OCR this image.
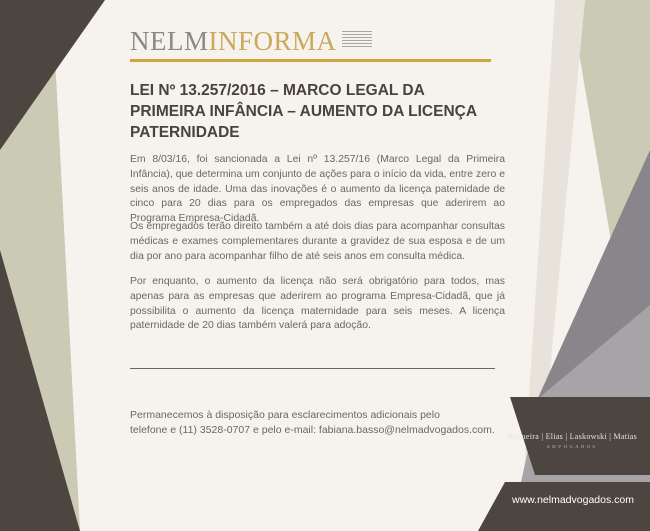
NELMINFORMA
LEI Nº 13.257/2016 – MARCO LEGAL DA PRIMEIRA INFÂNCIA – AUMENTO DA LICENÇA PATERNIDADE

Em 8/03/16, foi sancionada a Lei nº 13.257/16 (Marco Legal da Primeira Infância), que determina um conjunto de ações para o início da vida, entre zero e seis anos de idade. Uma das inovações é o aumento da licença paternidade de cinco para 20 dias para os empregados das empresas que aderirem ao Programa Empresa-Cidadã.

Os empregados terão direito também a até dois dias para acompanhar consultas médicas e exames complementares durante a gravidez de sua esposa e de um dia por ano para acompanhar filho de até seis anos em consulta médica.

Por enquanto, o aumento da licença não será obrigatório para todos, mas apenas para as empresas que aderirem ao programa Empresa-Cidadã, que já possibilita o aumento da licença maternidade para seis meses. A licença paternidade de 20 dias também valerá para adoção.

Permanecemos à disposição para esclarecimentos adicionais pelo
telefone e (11) 3528-0707 e pelo e-mail: fabiana.basso@nelmadvogados.com.
Nogueira | Elias | Laskowski | Matias
ADVOGADOS
www.nelmadvogados.com
